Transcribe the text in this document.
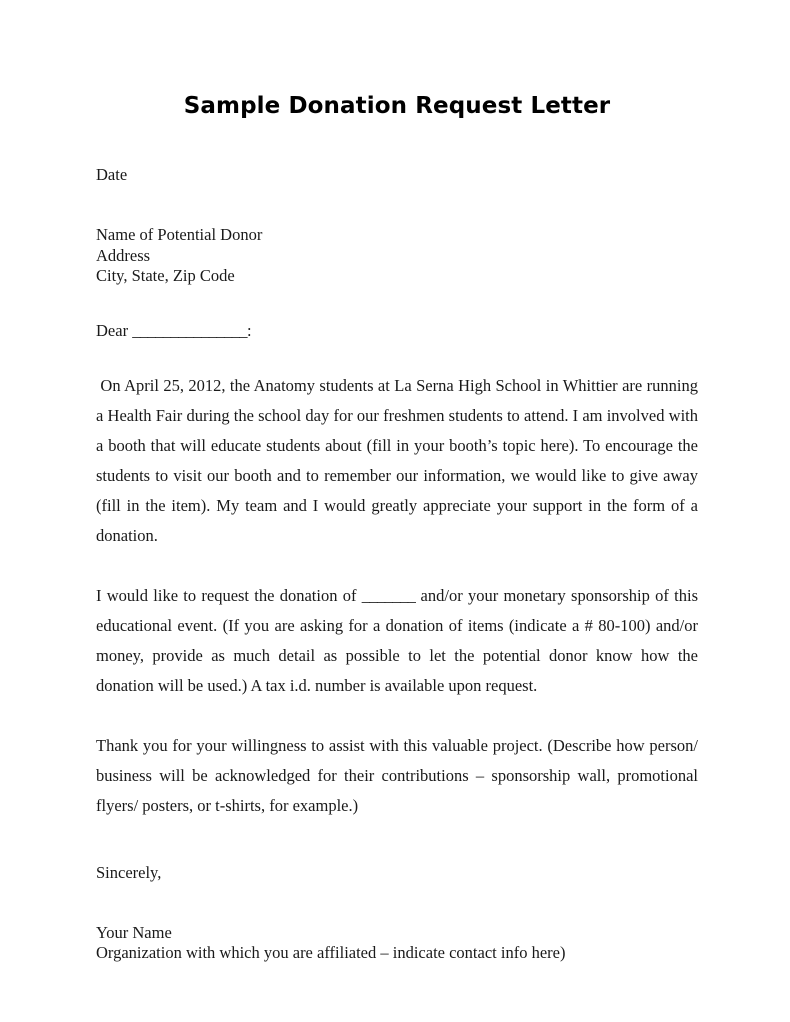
Sample Donation Request Letter

Date

Name of Potential Donor

Address

City, State, Zip Code

Dear _______________:

On April 25, 2012, the Anatomy students at La Serna High School in Whittier are running a Health Fair during the school day for our freshmen students to attend. I am involved with a booth that will educate students about (fill in your booth’s topic here). To encourage the students to visit our booth and to remember our information, we would like to give away (fill in the item). My team and I would greatly appreciate your support in the form of a donation.

I would like to request the donation of _______ and/or your monetary sponsorship of this educational event. (If you are asking for a donation of items (indicate a # 80-100) and/or money, provide as much detail as possible to let the potential donor know how the donation will be used.) A tax i.d. number is available upon request.

Thank you for your willingness to assist with this valuable project. (Describe how person/ business will be acknowledged for their contributions – sponsorship wall, promotional flyers/ posters, or t-shirts, for example.)

Sincerely,

Your Name

Organization with which you are affiliated – indicate contact info here)
